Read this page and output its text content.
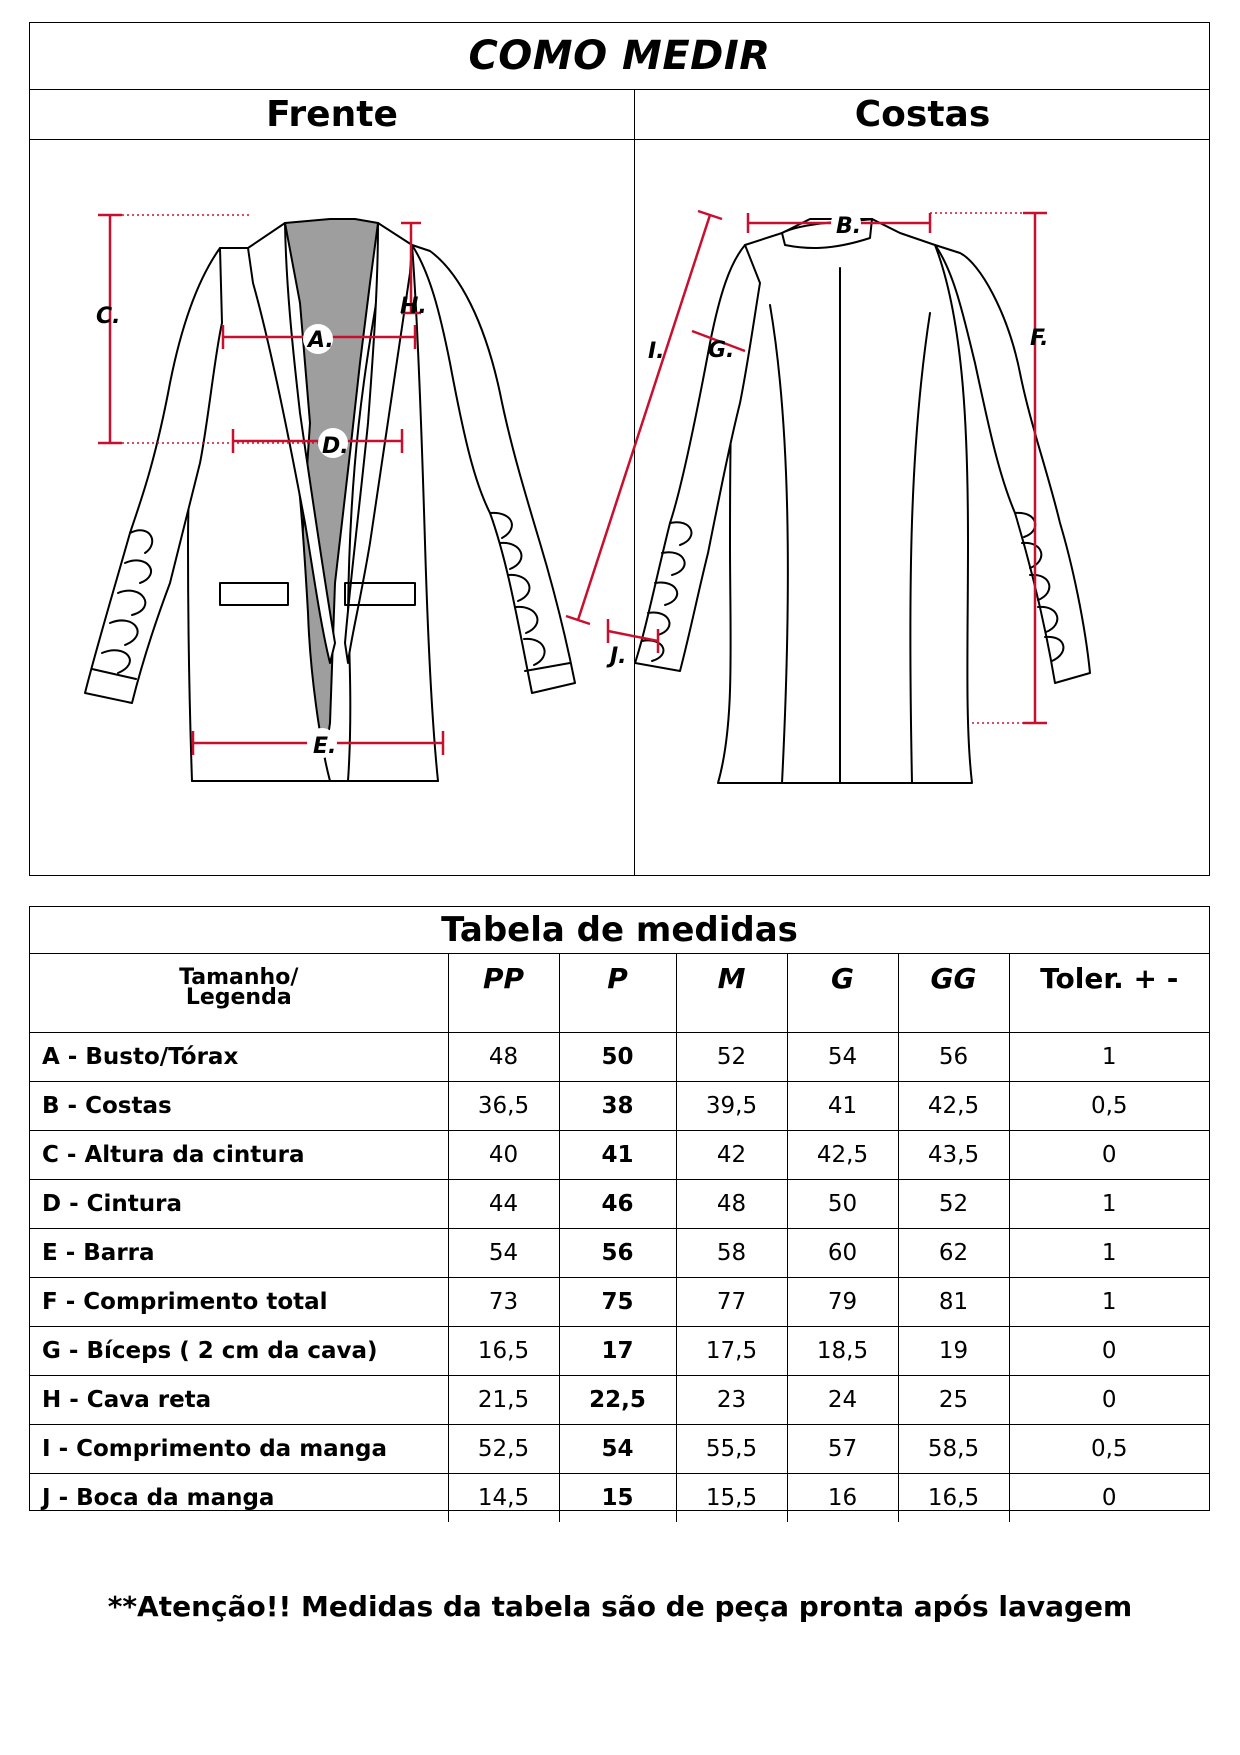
COMO MEDIR
Frente	Costas
A.
D.
E.
C.	H.
B.
F.
G.
I.
J.
Tabela de medidas						
Tamanho/
Legenda	PP	P	M	G	GG	Toler. + -
A - Busto/Tórax	48	50	52	54	56	1
B - Costas	36,5	38	39,5	41	42,5	0,5
C - Altura da cintura	40	41	42	42,5	43,5	0
D - Cintura	44	46	48	50	52	1
E - Barra	54	56	58	60	62	1
F - Comprimento total	73	75	77	79	81	1
G - Bíceps ( 2 cm da cava)	16,5	17	17,5	18,5	19	0
H - Cava reta	21,5	22,5	23	24	25	0
I - Comprimento da manga	52,5	54	55,5	57	58,5	0,5
J - Boca da manga	14,5	15	15,5	16	16,5	0
**Atenção!! Medidas da tabela são de peça pronta após lavagem
